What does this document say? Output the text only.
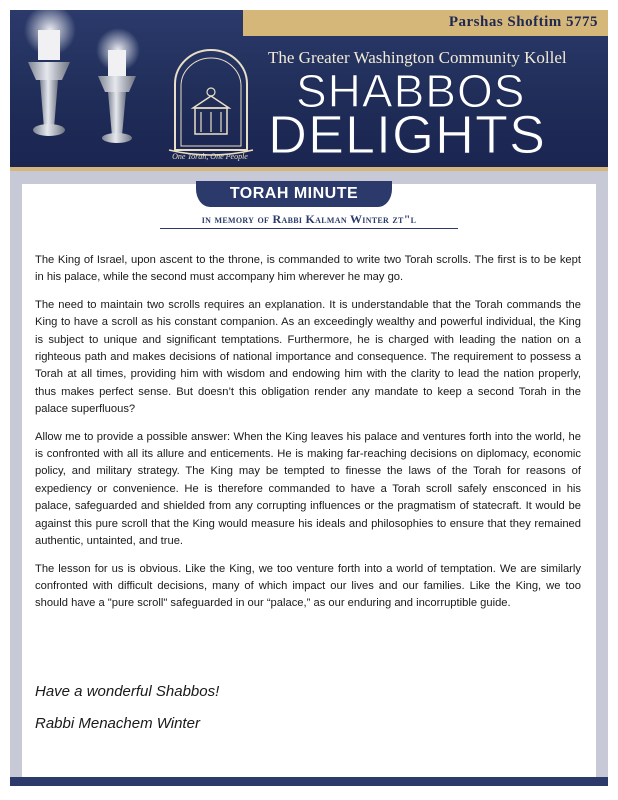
One Torah, One People
Parshas Shoftim 5775
The Greater Washington Community Kollel
SHABBOS
DELIGHTS
TORAH MINUTE
in memory of Rabbi Kalman Winter zt"l

The King of Israel, upon ascent to the throne, is commanded to write two Torah scrolls. The first is to be kept in his palace, while the second must accompany him wherever he may go.

The need to maintain two scrolls requires an explanation. It is understandable that the Torah commands the King to have a scroll as his constant companion. As an exceedingly wealthy and powerful individual, the King is subject to unique and significant temptations. Furthermore, he is charged with leading the nation on a righteous path and makes decisions of national importance and consequence. The requirement to possess a Torah at all times, providing him with wisdom and endowing him with the clarity to lead the nation properly, thus makes perfect sense. But doesn’t this obligation render any mandate to keep a second Torah in the palace superfluous?

Allow me to provide a possible answer: When the King leaves his palace and ventures forth into the world, he is confronted with all its allure and enticements. He is making far-reaching decisions on diplomacy, economic policy, and military strategy. The King may be tempted to finesse the laws of the Torah for reasons of expediency or convenience. He is therefore commanded to have a Torah scroll safely ensconced in his palace, safeguarded and shielded from any corrupting influences or the pragmatism of statecraft. It would be against this pure scroll that the King would measure his ideals and philosophies to ensure that they remained authentic, untainted, and true.

The lesson for us is obvious. Like the King, we too venture forth into a world of temptation. We are similarly confronted with difficult decisions, many of which impact our lives and our families. Like the King, we too should have a "pure scroll" safeguarded in our “palace,” as our enduring and incorruptible guide.

Have a wonderful Shabbos!
Rabbi Menachem Winter
